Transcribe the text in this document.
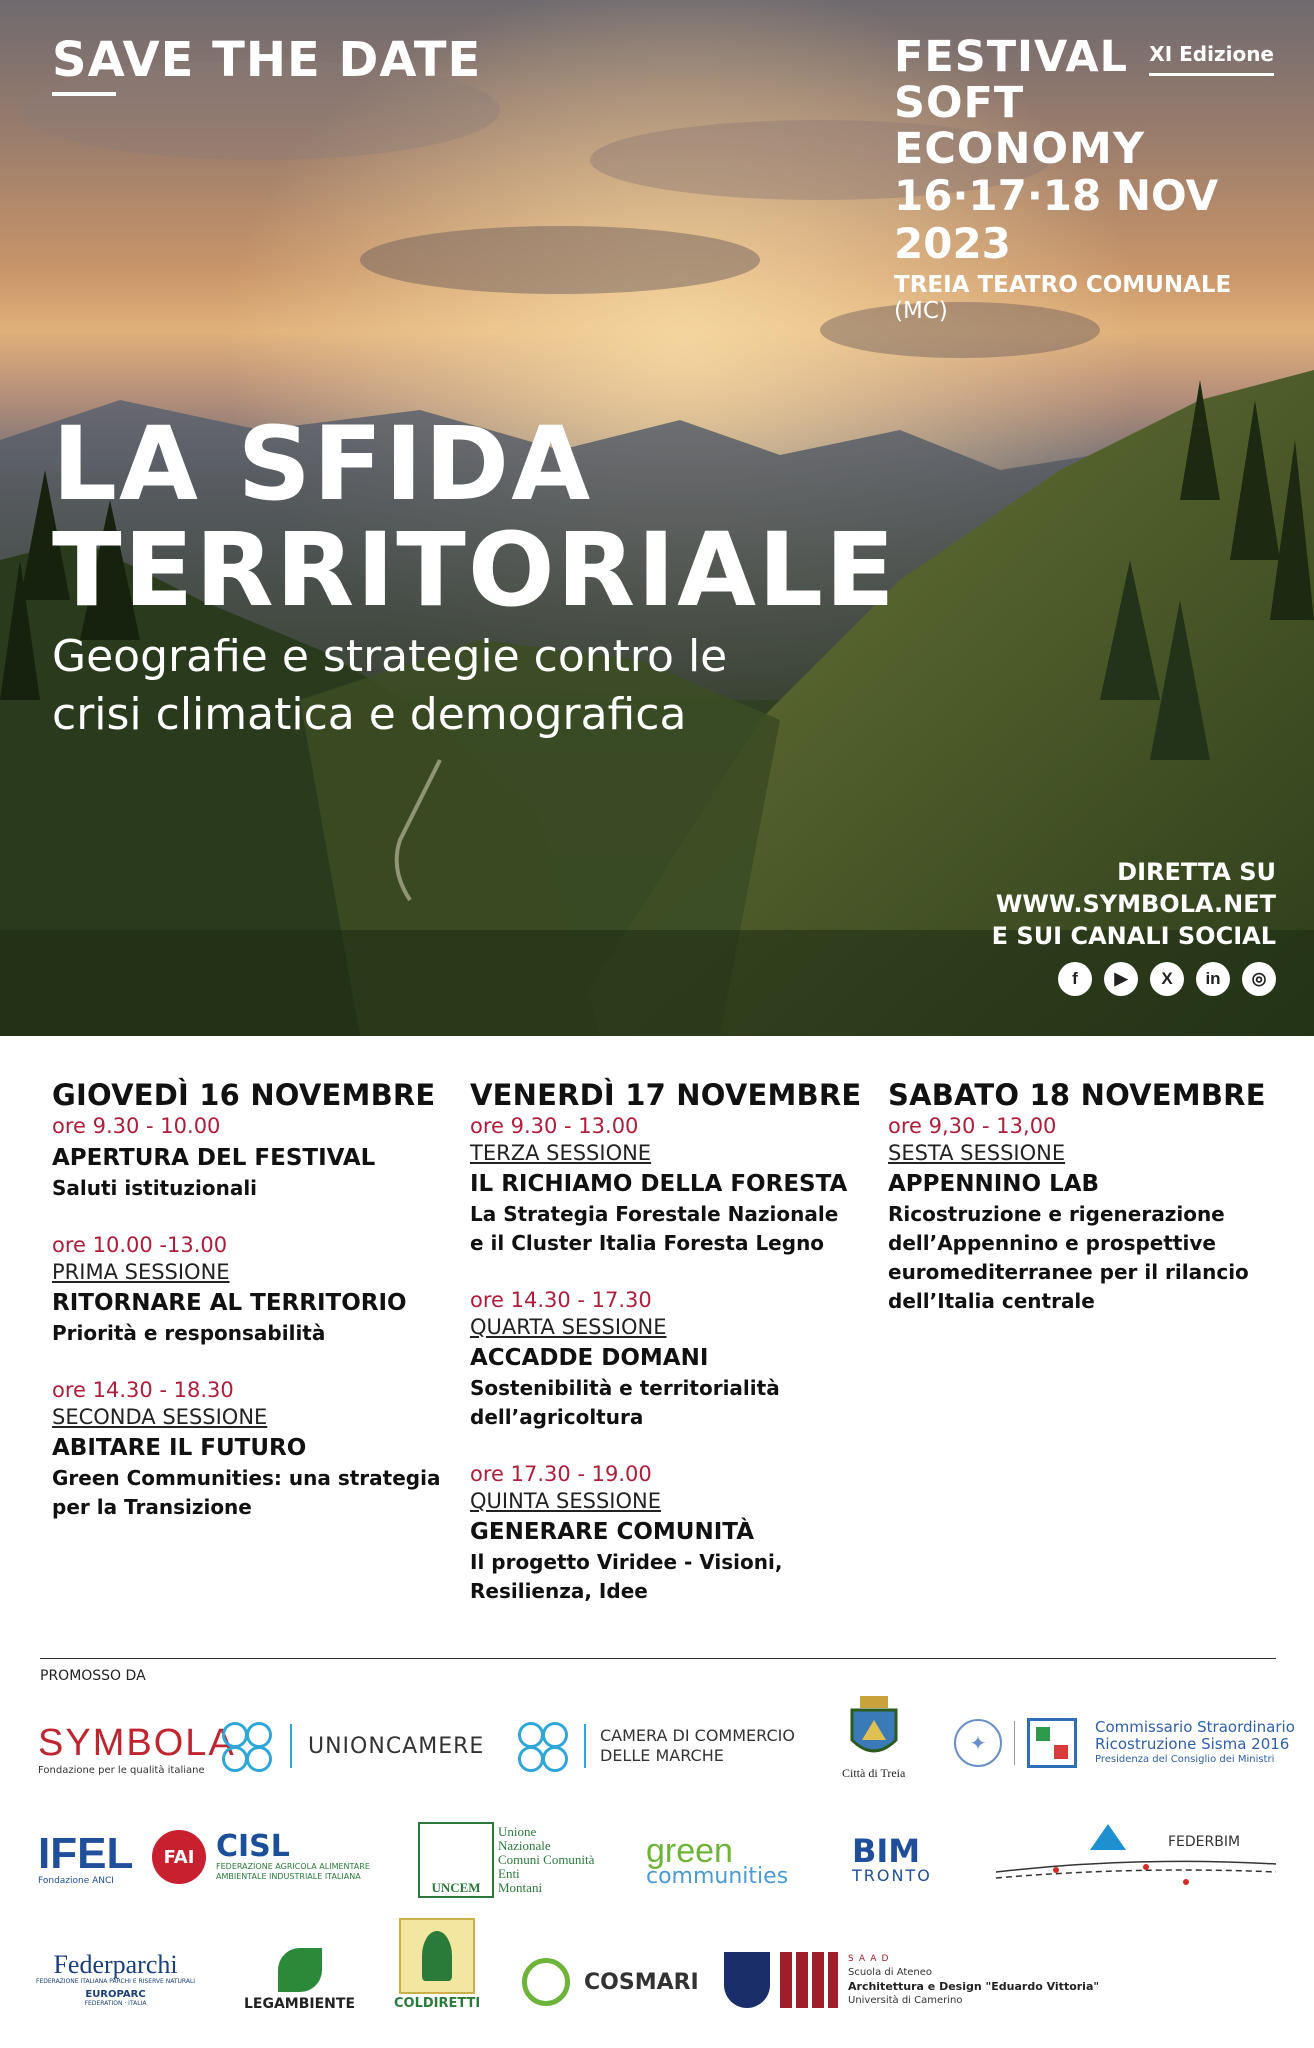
SAVE THE DATE	FESTIVAL XI Edizione
SOFT ECONOMY
16·17·18 NOV 2023
TREIA TEATRO COMUNALE (MC)
LA SFIDA
TERRITORIALE
Geografie e strategie contro le
crisi climatica e demografica
DIRETTA SU
WWW.SYMBOLA.NET
E SUI CANALI SOCIAL
f	▶	X	in	◎
GIOVEDÌ 16 NOVEMBRE
ore 9.30 - 10.00
APERTURA DEL FESTIVAL
Saluti istituzionali
ore 10.00 -13.00
PRIMA SESSIONE
RITORNARE AL TERRITORIO
Priorità e responsabilità
ore 14.30 - 18.30
SECONDA SESSIONE
ABITARE IL FUTURO
Green Communities: una strategia
per la Transizione
VENERDÌ 17 NOVEMBRE
ore 9.30 - 13.00
TERZA SESSIONE
IL RICHIAMO DELLA FORESTA
La Strategia Forestale Nazionale
e il Cluster Italia Foresta Legno
ore 14.30 - 17.30
QUARTA SESSIONE
ACCADDE DOMANI
Sostenibilità e territorialità
dell’agricoltura
ore 17.30 - 19.00
QUINTA SESSIONE
GENERARE COMUNITÀ
Il progetto Viridee - Visioni,
Resilienza, Idee
SABATO 18 NOVEMBRE
ore 9,30 - 13,00
SESTA SESSIONE
APPENNINO LAB
Ricostruzione e rigenerazione
dell’Appennino e prospettive
euromediterranee per il rilancio
dell’Italia centrale
PROMOSSO DA
SYMBOLA
Fondazione per le qualità italiane
UNIONCAMERE	CAMERA DI COMMERCIO
DELLE MARCHE
Città di Treia
✦
Commissario Straordinario
Ricostruzione Sisma 2016
Presidenza del Consiglio dei Ministri
IFEL
Fondazione ANCI
FAI CISL
FEDERAZIONE AGRICOLA ALIMENTARE
AMBIENTALE INDUSTRIALE ITALIANA
UNCEM
Unione
Nazionale
Comuni Comunità
Enti
Montani
green
communities
BIM
TRONTO
FEDERBIM
Federparchi
FEDERAZIONE ITALIANA PARCHI E RISERVE NATURALI
EUROPARC
FEDERATION · ITALIA	LEGAMBIENTE	COLDIRETTI
COSMARI
SAAD
Scuola di Ateneo
Architettura e Design "Eduardo Vittoria"
Università di Camerino
